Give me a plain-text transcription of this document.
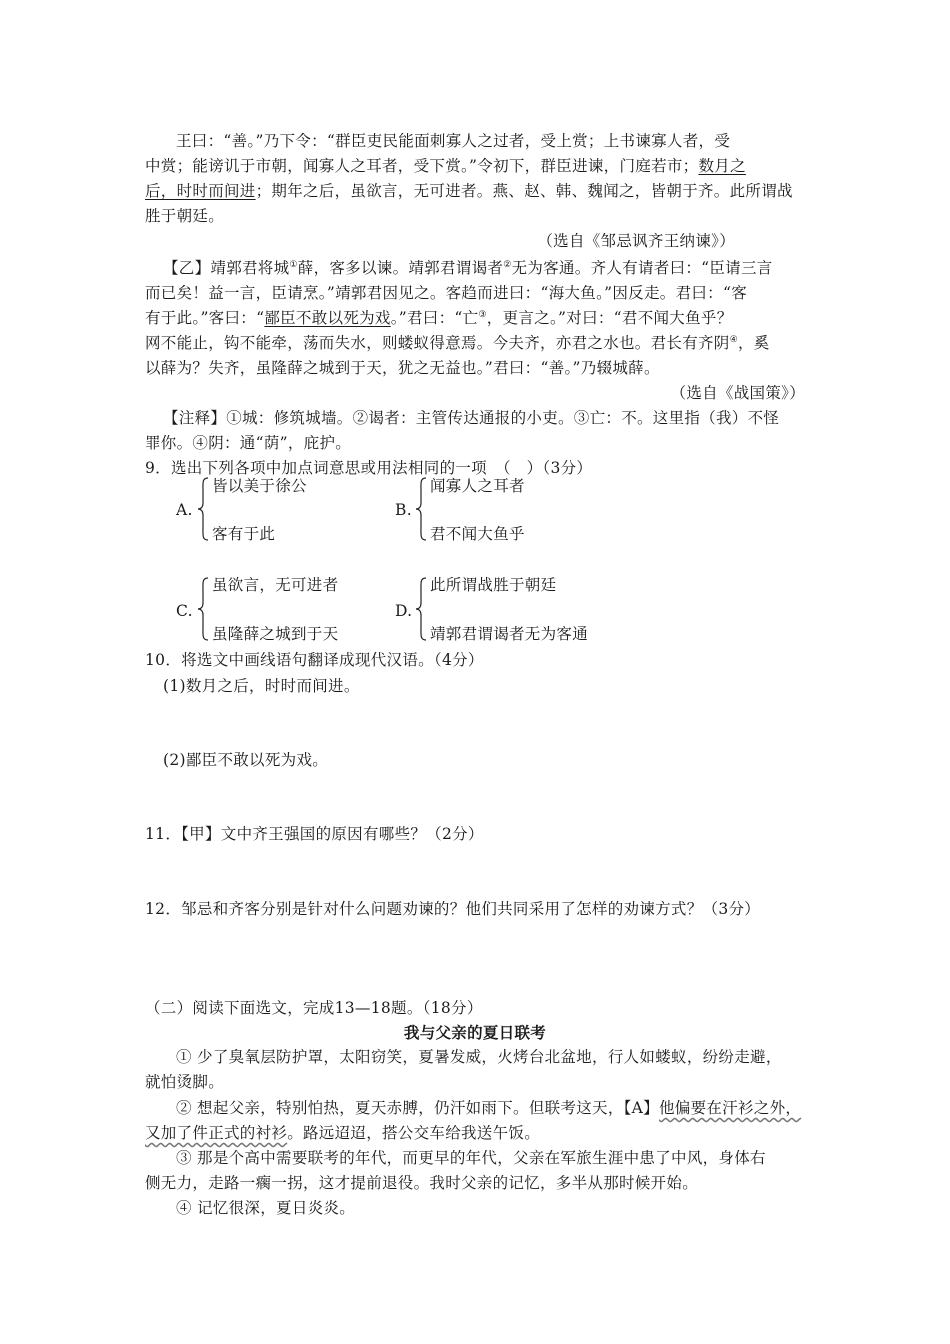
王曰：“善。”乃下令：“群臣吏民能面刺寡人之过者，受上赏；上书谏寡人者，受
中赏；能谤讥于市朝，闻寡人之耳者，受下赏。”令初下，群臣进谏，门庭若市；数月之
后，时时而间进；期年之后，虽欲言，无可进者。燕、赵、韩、魏闻之，皆朝于齐。此所谓战
胜于朝廷。
（选自《邹忌讽齐王纳谏》）
【乙】靖郭君将城①薛，客多以谏。靖郭君谓谒者②无为客通。齐人有请者曰：“臣请三言
而已矣！益一言，臣请烹。”靖郭君因见之。客趋而进曰：“海大鱼。”因反走。君曰：“客
有于此。”客曰：“鄙臣不敢以死为戏。”君曰：“亡③，更言之。”对曰：“君不闻大鱼乎？
网不能止，钩不能牵，荡而失水，则蝼蚁得意焉。今夫齐，亦君之水也。君长有齐阴④，奚
以薛为？失齐，虽隆薛之城到于天，犹之无益也。”君曰：“善。”乃辍城薛。
（选自《战国策》）
【注释】①城：修筑城墙。②谒者：主管传达通报的小吏。③亡：不。这里指（我）不怪
罪你。④阴：通“荫”，庇护。
9．选出下列各项中加点词意思或用法相同的一项　（　）（3分）
A.
皆以美于徐公
客有于此
B.
闻寡人之耳者
君不闻大鱼乎
C.
虽欲言，无可进者
虽隆薛之城到于天
D.
此所谓战胜于朝廷
靖郭君谓谒者无为客通
10．将选文中画线语句翻译成现代汉语。（4分）
(1)数月之后，时时而间进。
(2)鄙臣不敢以死为戏。
11．【甲】文中齐王强国的原因有哪些？（2分）
12．邹忌和齐客分别是针对什么问题劝谏的？他们共同采用了怎样的劝谏方式？（3分）
（二）阅读下面选文，完成13—18题。（18分）
我与父亲的夏日联考
① 少了臭氧层防护罩，太阳窃笑，夏暑发威，火烤台北盆地，行人如蝼蚁，纷纷走避，
就怕烫脚。
② 想起父亲，特别怕热，夏天赤膊，仍汗如雨下。但联考这天，【A】他偏要在汗衫之外，
又加了件正式的衬衫。路远迢迢，搭公交车给我送午饭。
③ 那是个高中需要联考的年代，而更早的年代，父亲在军旅生涯中患了中风，身体右
侧无力，走路一瘸一拐，这才提前退役。我时父亲的记忆，多半从那时候开始。
④ 记忆很深，夏日炎炎。
